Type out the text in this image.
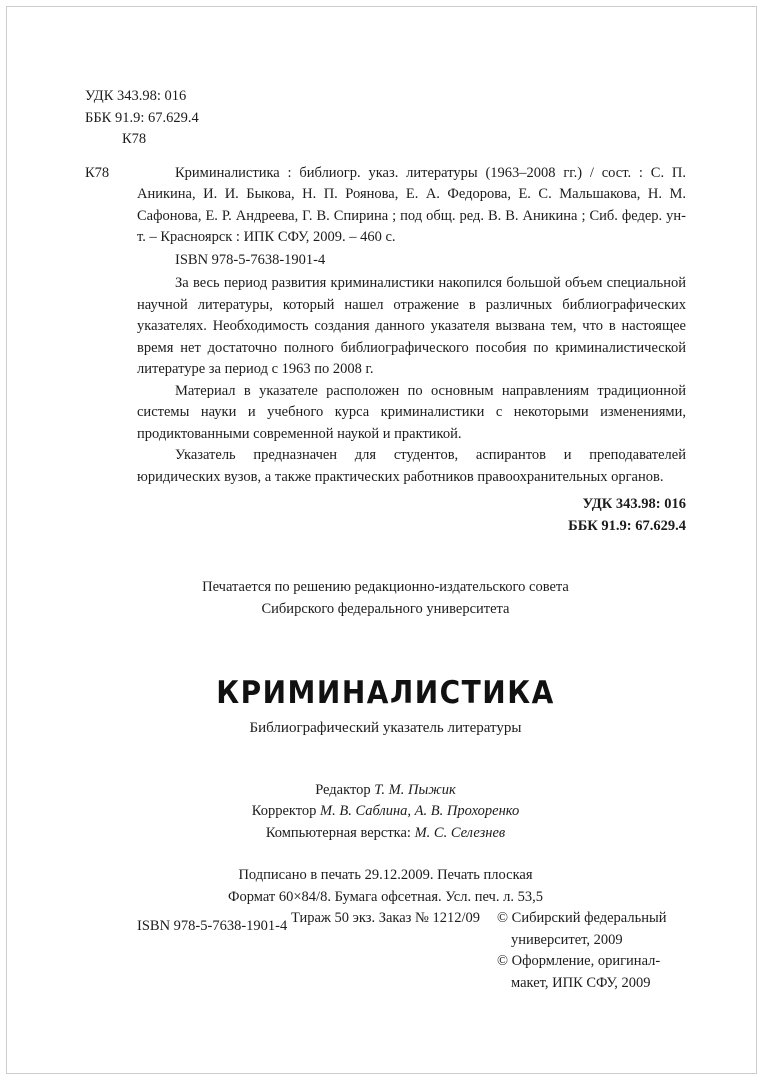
УДК 343.98: 016
ББК 91.9: 67.629.4
К78
К78	Криминалистика : библиогр. указ. литературы (1963–2008 гг.) / сост. : С. П. Аникина, И. И. Быкова, Н. П. Роянова, Е. А. Федорова, Е. С. Мальшакова, Н. М. Сафонова, Е. Р. Андреева, Г. В. Спирина ; под общ. ред. В. В. Аникина ; Сиб. федер. ун-т. – Красноярск : ИПК СФУ, 2009. – 460 с.

ISBN 978-5-7638-1901-4

За весь период развития криминалистики накопился большой объем специальной научной литературы, который нашел отражение в различных библиографических указателях. Необходимость создания данного указателя вызвана тем, что в настоящее время нет достаточно полного библиографического пособия по криминалистической литературе за период с 1963 по 2008 г.

Материал в указателе расположен по основным направлениям традиционной системы науки и учебного курса криминалистики с некоторыми изменениями, продиктованными современной наукой и практикой.

Указатель предназначен для студентов, аспирантов и преподавателей юридических вузов, а также практических работников правоохранительных органов.

УДК 343.98: 016
ББК 91.9: 67.629.4
Печатается по решению редакционно-издательского совета
Сибирского федерального университета
КРИМИНАЛИСТИКА
Библиографический указатель литературы
Редактор Т. М. Пыжик
Корректор М. В. Саблина, А. В. Прохоренко
Компьютерная верстка: М. С. Селезнев
Подписано в печать 29.12.2009. Печать плоская
Формат 60×84/8. Бумага офсетная. Усл. печ. л. 53,5
Тираж 50 экз. Заказ № 1212/09
ISBN 978-5-7638-1901-4	© Сибирский федеральный
университет, 2009
© Оформление, оригинал-
макет, ИПК СФУ, 2009
